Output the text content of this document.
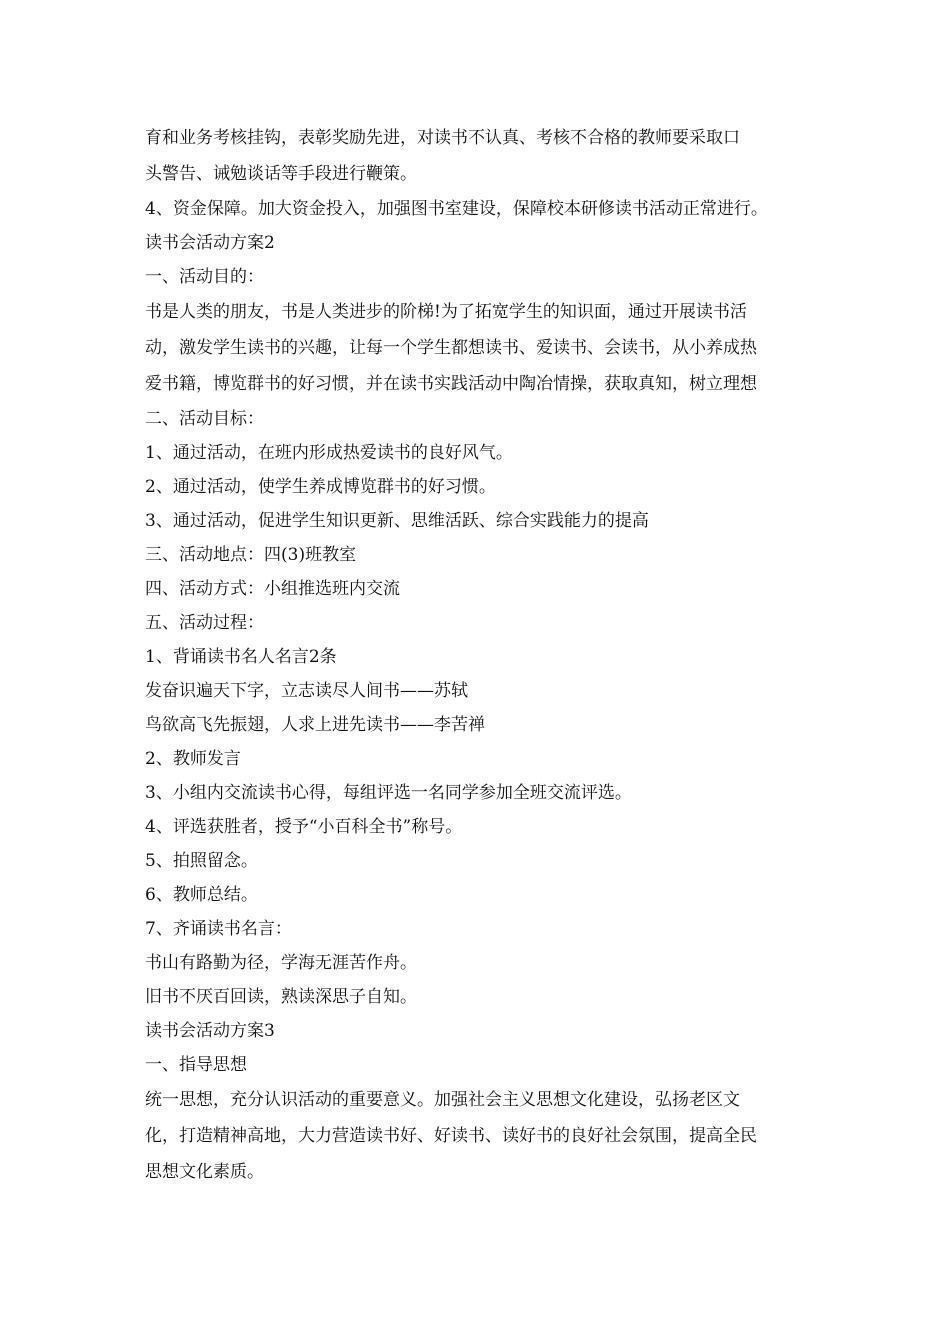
育和业务考核挂钩，表彰奖励先进，对读书不认真、考核不合格的教师要采取口
头警告、诫勉谈话等手段进行鞭策。

4、资金保障。加大资金投入，加强图书室建设，保障校本研修读书活动正常进行。

读书会活动方案2

一、活动目的：

书是人类的朋友，书是人类进步的阶梯!为了拓宽学生的知识面，通过开展读书活
动，激发学生读书的兴趣，让每一个学生都想读书、爱读书、会读书，从小养成热
爱书籍，博览群书的好习惯，并在读书实践活动中陶冶情操，获取真知，树立理想

二、活动目标：

1、通过活动，在班内形成热爱读书的良好风气。

2、通过活动，使学生养成博览群书的好习惯。

3、通过活动，促进学生知识更新、思维活跃、综合实践能力的提高

三、活动地点：四(3)班教室

四、活动方式：小组推选班内交流

五、活动过程：

1、背诵读书名人名言2条

发奋识遍天下字，立志读尽人间书——苏轼

鸟欲高飞先振翅，人求上进先读书——李苦禅

2、教师发言

3、小组内交流读书心得，每组评选一名同学参加全班交流评选。

4、评选获胜者，授予“小百科全书”称号。

5、拍照留念。

6、教师总结。

7、齐诵读书名言：

书山有路勤为径，学海无涯苦作舟。

旧书不厌百回读，熟读深思子自知。

读书会活动方案3

一、指导思想

统一思想，充分认识活动的重要意义。加强社会主义思想文化建设，弘扬老区文
化，打造精神高地，大力营造读书好、好读书、读好书的良好社会氛围，提高全民
思想文化素质。
